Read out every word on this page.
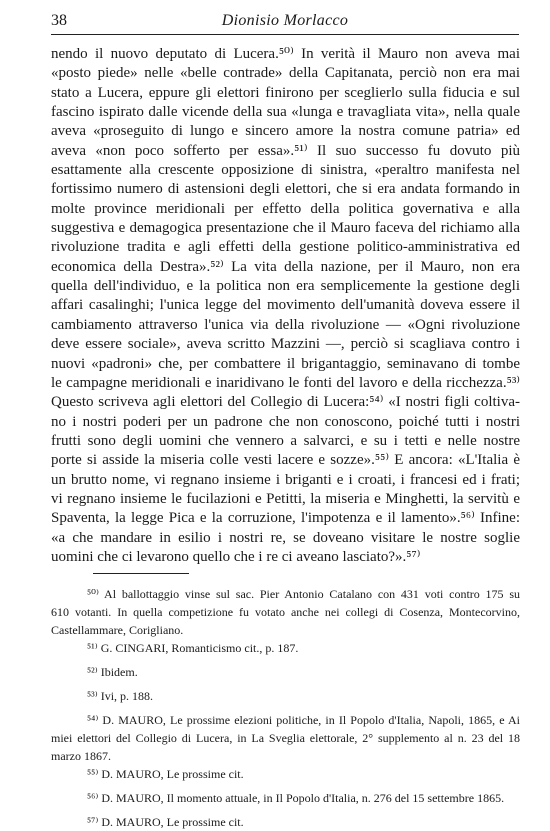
38	Dionisio Morlacco
nendo il nuovo deputato di Lucera.⁵⁰⁾ In verità il Mauro non aveva mai
«posto piede» nelle «belle contrade» della Capitanata, perciò non era mai
stato a Lucera, eppure gli elettori finirono per sceglierlo sulla fiducia e sul
fascino ispirato dalle vicende della sua «lunga e travagliata vita», nella quale
aveva «proseguito di lungo e sincero amore la nostra comune patria» ed
aveva «non poco sofferto per essa».⁵¹⁾ Il suo successo fu dovuto più
esattamente alla crescente opposizione di sinistra, «peraltro manifesta nel
fortissimo numero di astensioni degli elettori, che si era andata formando in
molte province meridionali per effetto della politica governativa e alla
suggestiva e demagogica presentazione che il Mauro faceva del richiamo alla
rivoluzione tradita e agli effetti della gestione politico-amministrativa ed
economica della Destra».⁵²⁾ La vita della nazione, per il Mauro, non era
quella dell'individuo, e la politica non era semplicemente la gestione degli
affari casalinghi; l'unica legge del movimento dell'umanità doveva essere il
cambiamento attraverso l'unica via della rivoluzione — «Ogni rivoluzione
deve essere sociale», aveva scritto Mazzini —, perciò si scagliava contro i
nuovi «padroni» che, per combattere il brigantaggio, seminavano di tombe
le campagne meridionali e inaridivano le fonti del lavoro e della ricchezza.⁵³⁾
Questo scriveva agli elettori del Collegio di Lucera:⁵⁴⁾ «I nostri figli coltiva-
no i nostri poderi per un padrone che non conoscono, poiché tutti i nostri
frutti sono degli uomini che vennero a salvarci, e su i tetti e nelle nostre
porte si asside la miseria colle vesti lacere e sozze».⁵⁵⁾ E ancora: «L'Italia è
un brutto nome, vi regnano insieme i briganti e i croati, i francesi ed i frati;
vi regnano insieme le fucilazioni e Petitti, la miseria e Minghetti, la servitù e
Spaventa, la legge Pica e la corruzione, l'impotenza e il lamento».⁵⁶⁾ Infine:
«a che mandare in esilio i nostri re, se doveano visitare le nostre soglie
uomini che ci levarono quello che i re ci aveano lasciato?».⁵⁷⁾
⁵⁰⁾ Al ballottaggio vinse sul sac. Pier Antonio Catalano con 431 voti contro 175 su
610 votanti. In quella competizione fu votato anche nei collegi di Cosenza, Montecorvino,
Castellammare, Corigliano.
⁵¹⁾ G. CINGARI, Romanticismo cit., p. 187.
⁵²⁾ Ibidem.
⁵³⁾ Ivi, p. 188.
⁵⁴⁾ D. MAURO, Le prossime elezioni politiche, in Il Popolo d'Italia, Napoli, 1865, e Ai
miei elettori del Collegio di Lucera, in La Sveglia elettorale, 2° supplemento al n. 23 del 18
marzo 1867.
⁵⁵⁾ D. MAURO, Le prossime cit.
⁵⁶⁾ D. MAURO, Il momento attuale, in Il Popolo d'Italia, n. 276 del 15 settembre 1865.
⁵⁷⁾ D. MAURO, Le prossime cit.
